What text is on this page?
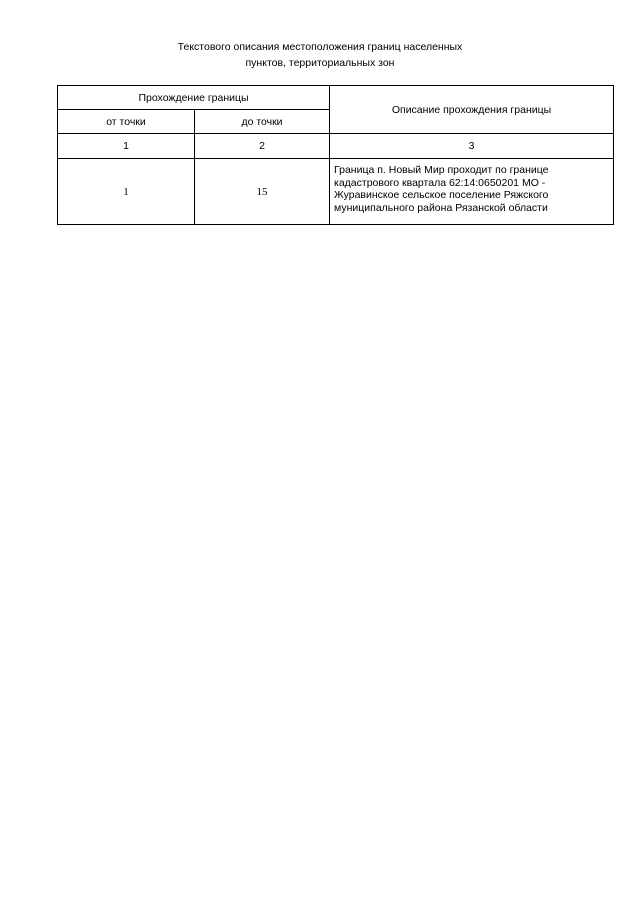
Текстового описания местоположения границ населенных
пунктов, территориальных зон
Прохождение границы		Описание прохождения границы
от точки	до точки	
1	2	3
1	15	Граница п. Новый Мир проходит по границе кадастрового квартала 62:14:0650201 МО - Журавинское сельское поселение Ряжского муниципального района Рязанской области
